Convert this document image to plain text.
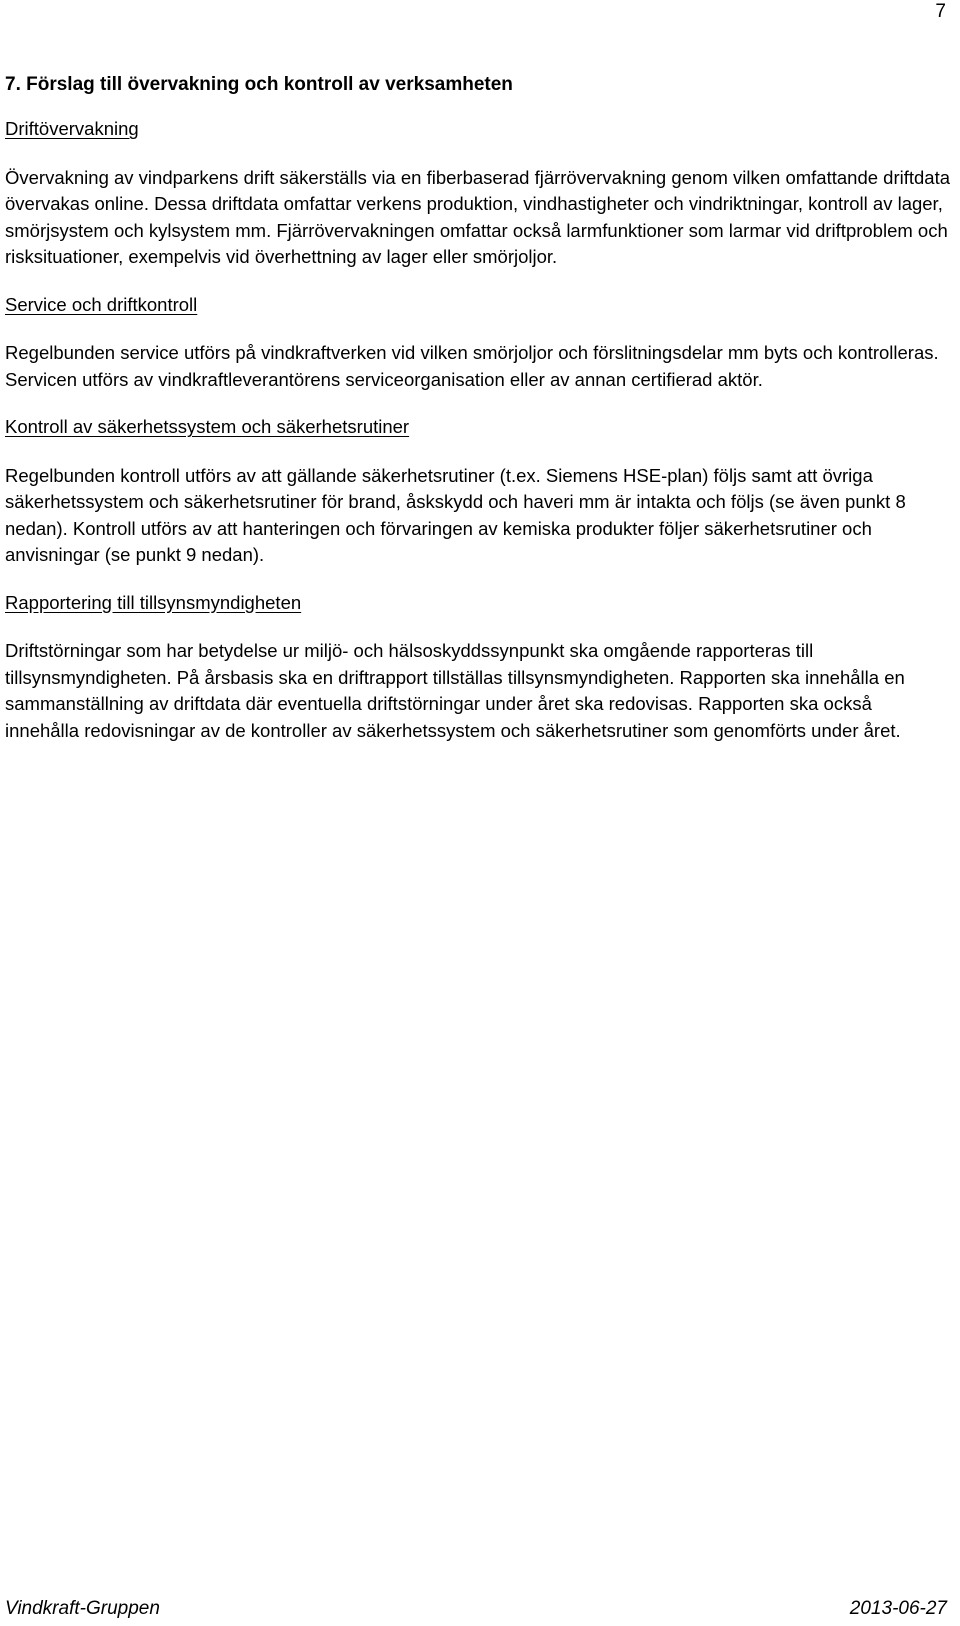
7
7. Förslag till övervakning och kontroll av verksamheten
Driftövervakning

Övervakning av vindparkens drift säkerställs via en fiberbaserad fjärrövervakning genom vilken omfattande driftdata övervakas online. Dessa driftdata omfattar verkens produktion, vindhastigheter och vindriktningar, kontroll av lager, smörjsystem och kylsystem mm. Fjärrövervakningen omfattar också larmfunktioner som larmar vid driftproblem och risksituationer, exempelvis vid överhettning av lager eller smörjoljor.

Service och driftkontroll

Regelbunden service utförs på vindkraftverken vid vilken smörjoljor och förslitningsdelar mm byts och kontrolleras. Servicen utförs av vindkraftleverantörens serviceorganisation eller av annan certifierad aktör.

Kontroll av säkerhetssystem och säkerhetsrutiner

Regelbunden kontroll utförs av att gällande säkerhetsrutiner (t.ex. Siemens HSE-plan) följs samt att övriga säkerhetssystem och säkerhetsrutiner för brand, åskskydd och haveri mm är intakta och följs (se även punkt 8 nedan). Kontroll utförs av att hanteringen och förvaringen av kemiska produkter följer säkerhetsrutiner och anvisningar (se punkt 9 nedan).

Rapportering till tillsynsmyndigheten

Driftstörningar som har betydelse ur miljö- och hälsoskyddssynpunkt ska omgående rapporteras till tillsynsmyndigheten. På årsbasis ska en driftrapport tillställas tillsynsmyndigheten. Rapporten ska innehålla en sammanställning av driftdata där eventuella driftstörningar under året ska redovisas. Rapporten ska också innehålla redovisningar av de kontroller av säkerhetssystem och säkerhetsrutiner som genomförts under året.

Vindkraft-Gruppen	2013-06-27
